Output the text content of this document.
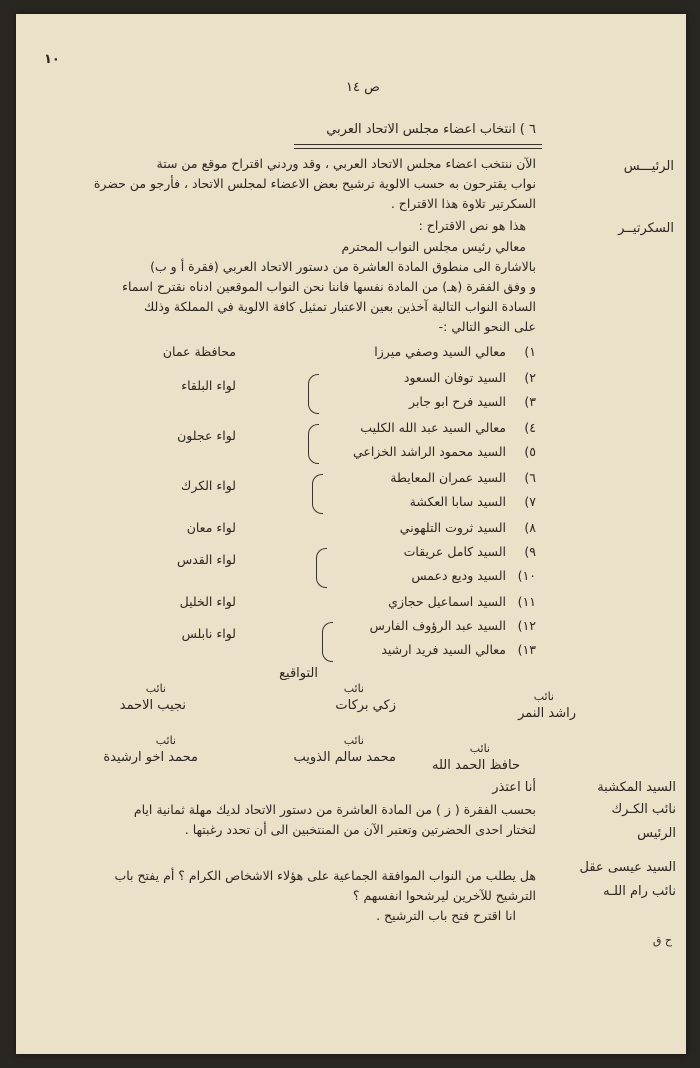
١٠
ص ١٤
٦ ) انتخاب اعضاء مجلس الاتحاد العربي
الرئيـــس
الآن ننتخب اعضاء مجلس الاتحاد العربي ، وقد وردني اقتراح موقع من ستة
نواب يقترحون به حسب الالوية ترشيح بعض الاعضاء لمجلس الاتحاد ، فأرجو من حضرة
السكرتير تلاوة هذا الاقتراح .
السكرتيــر
هذا هو نص الاقتراح :
معالي رئيس مجلس النواب المحترم
بالاشارة الى منطوق المادة العاشرة من دستور الاتحاد العربي (فقرة أ و ب)
و وفق الفقرة (هـ) من المادة نفسها فاننا نحن النواب الموقعين ادناه نقترح اسماء
السادة النواب التالية آخذين بعين الاعتبار تمثيل كافة الالوية في المملكة وذلك
على النحو التالي :-
١)
معالي السيد وصفي ميرزا
٢)
السيد توفان السعود
٣)
السيد فرح ابو جابر
٤)
معالي السيد عبد الله الكليب
٥)
السيد محمود الراشد الخزاعي
٦)
السيد عمران المعايطة
٧)
السيد سابا العكشة
٨)
السيد ثروت التلهوني
٩)
السيد كامل عريقات
١٠)
السيد وديع دعمس
١١)
السيد اسماعيل حجازي
١٢)
السيد عبد الرؤوف الفارس
١٣)
معالي السيد فريد ارشيد
محافظة عمان
لواء البلقاء
لواء عجلون
لواء الكرك
لواء معان
لواء القدس
لواء الخليل
لواء نابلس
التواقيع
نائب
راشد النمر
نائب
زكي بركات
نائب
نجيب الاحمد
نائب
حافظ الحمد الله
نائب
محمد سالم الذويب
نائب
محمد اخو ارشيدة
السيد المكشبة
أنا اعتذر
نائب الكـرك
الرئيس
بحسب الفقرة ( ز ) من المادة العاشرة من دستور الاتحاد لديك مهلة ثمانية ايام
لتختار احدى الحضرتين وتعتبر الآن من المنتخبين الى أن تحدد رغبتها .
السيد عيسى عقل
نائب رام اللـه
هل يطلب من النواب الموافقة الجماعية على هؤلاء الاشخاص الكرام ؟ أم يفتح باب
الترشيح للآخرين ليرشحوا انفسهم ؟
انا اقترح فتح باب الترشيح .
ح ق
